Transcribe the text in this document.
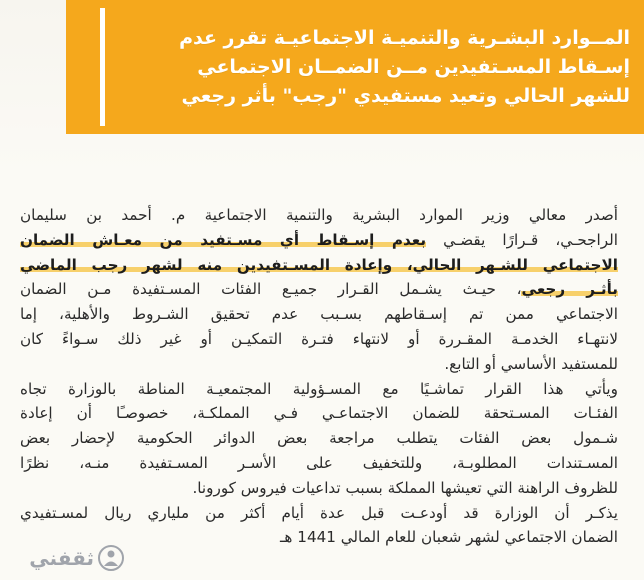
المــوارد البشـرية والتنميـة الاجتماعيـة تقرر عدم
إسـقاط المسـتفيدين مــن الضمــان الاجتماعي
للشهر الحالي وتعيد مستفيدي "رجب" بأثر رجعي
أصدر معالي وزير الموارد البشرية والتنمية الاجتماعية م. أحمد بن سليمان
الراجحـي، قـرارًا يقضـي بعدم إسـقاط أي مسـتفيد من معـاش الضمان
الاجتماعي للشـهر الحالي، وإعادة المسـتفيدين منه لشهر رجب الماضي
بأثـر رجعي، حيـث يشـمل القـرار جميـع الفئات المسـتفيدة مـن الضمان
الاجتماعي ممن تم إسـقاطهم بسـبب عدم تحقيق الشـروط والأهلية، إما
لانتهـاء الخدمـة المقـررة أو لانتهاء فتـرة التمكيـن أو غير ذلك سـواءً كان
للمستفيد الأساسي أو التابع.
ويأتي هذا القرار تماشـيًا مع المسـؤولية المجتمعيـة المناطة بالوزارة تجاه
الفئـات المسـتحقة للضمان الاجتماعـي فـي المملكـة، خصوصـًا أن إعادة
شـمول بعض الفئات يتطلب مراجعة بعض الدوائر الحكومية لإحضار بعض
المسـتندات المطلوبـة، وللتخفيف على الأسـر المسـتفيدة منـه، نظرًا
للظروف الراهنة التي تعيشها المملكة بسبب تداعيات فيروس كورونا.
يذكـر أن الوزارة قد أودعـت قبل عدة أيام أكثر من ملياري ريال لمسـتفيدي
الضمان الاجتماعي لشهر شعبان للعام المالي 1441 هـ
ثقفني
